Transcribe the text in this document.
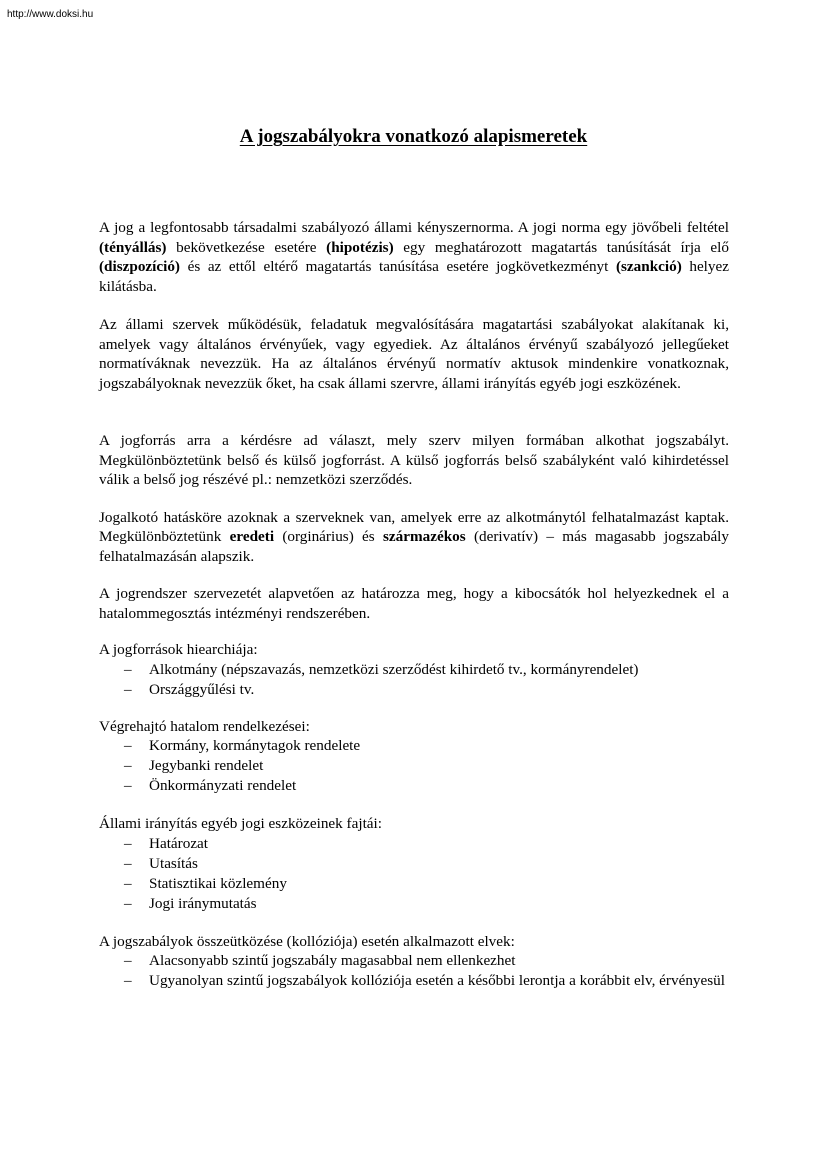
http://www.doksi.hu
A jogszabályokra vonatkozó alapismeretek

A jog a legfontosabb társadalmi szabályozó állami kényszernorma. A jogi norma egy jövőbeli feltétel (tényállás) bekövetkezése esetére (hipotézis) egy meghatározott magatartás tanúsítását írja elő (diszpozíció) és az ettől eltérő magatartás tanúsítása esetére jogkövetkezményt (szankció) helyez kilátásba.

Az állami szervek működésük, feladatuk megvalósítására magatartási szabályokat alakítanak ki, amelyek vagy általános érvényűek, vagy egyediek. Az általános érvényű szabályozó jellegűeket normatíváknak nevezzük. Ha az általános érvényű normatív aktusok mindenkire vonatkoznak, jogszabályoknak nevezzük őket, ha csak állami szervre, állami irányítás egyéb jogi eszközének.

A jogforrás arra a kérdésre ad választ, mely szerv milyen formában alkothat jogszabályt. Megkülönböztetünk belső és külső jogforrást. A külső jogforrás belső szabályként való kihirdetéssel válik a belső jog részévé pl.: nemzetközi szerződés.

Jogalkotó hatásköre azoknak a szerveknek van, amelyek erre az alkotmánytól felhatalmazást kaptak. Megkülönböztetünk eredeti (orginárius) és származékos (derivatív) – más magasabb jogszabály felhatalmazásán alapszik.

A jogrendszer szervezetét alapvetően az határozza meg, hogy a kibocsátók hol helyezkednek el a hatalommegosztás intézményi rendszerében.

A jogforrások hiearchiája:

– Alkotmány (népszavazás, nemzetközi szerződést kihirdető tv., kormányrendelet)
– Országgyűlési tv.

Végrehajtó hatalom rendelkezései:

– Kormány, kormánytagok rendelete
– Jegybanki rendelet
– Önkormányzati rendelet

Állami irányítás egyéb jogi eszközeinek fajtái:

– Határozat
– Utasítás
– Statisztikai közlemény
– Jogi iránymutatás

A jogszabályok összeütközése (kollóziója) esetén alkalmazott elvek:

– Alacsonyabb szintű jogszabály magasabbal nem ellenkezhet
– Ugyanolyan szintű jogszabályok kollóziója esetén a későbbi lerontja a korábbit elv, érvényesül
